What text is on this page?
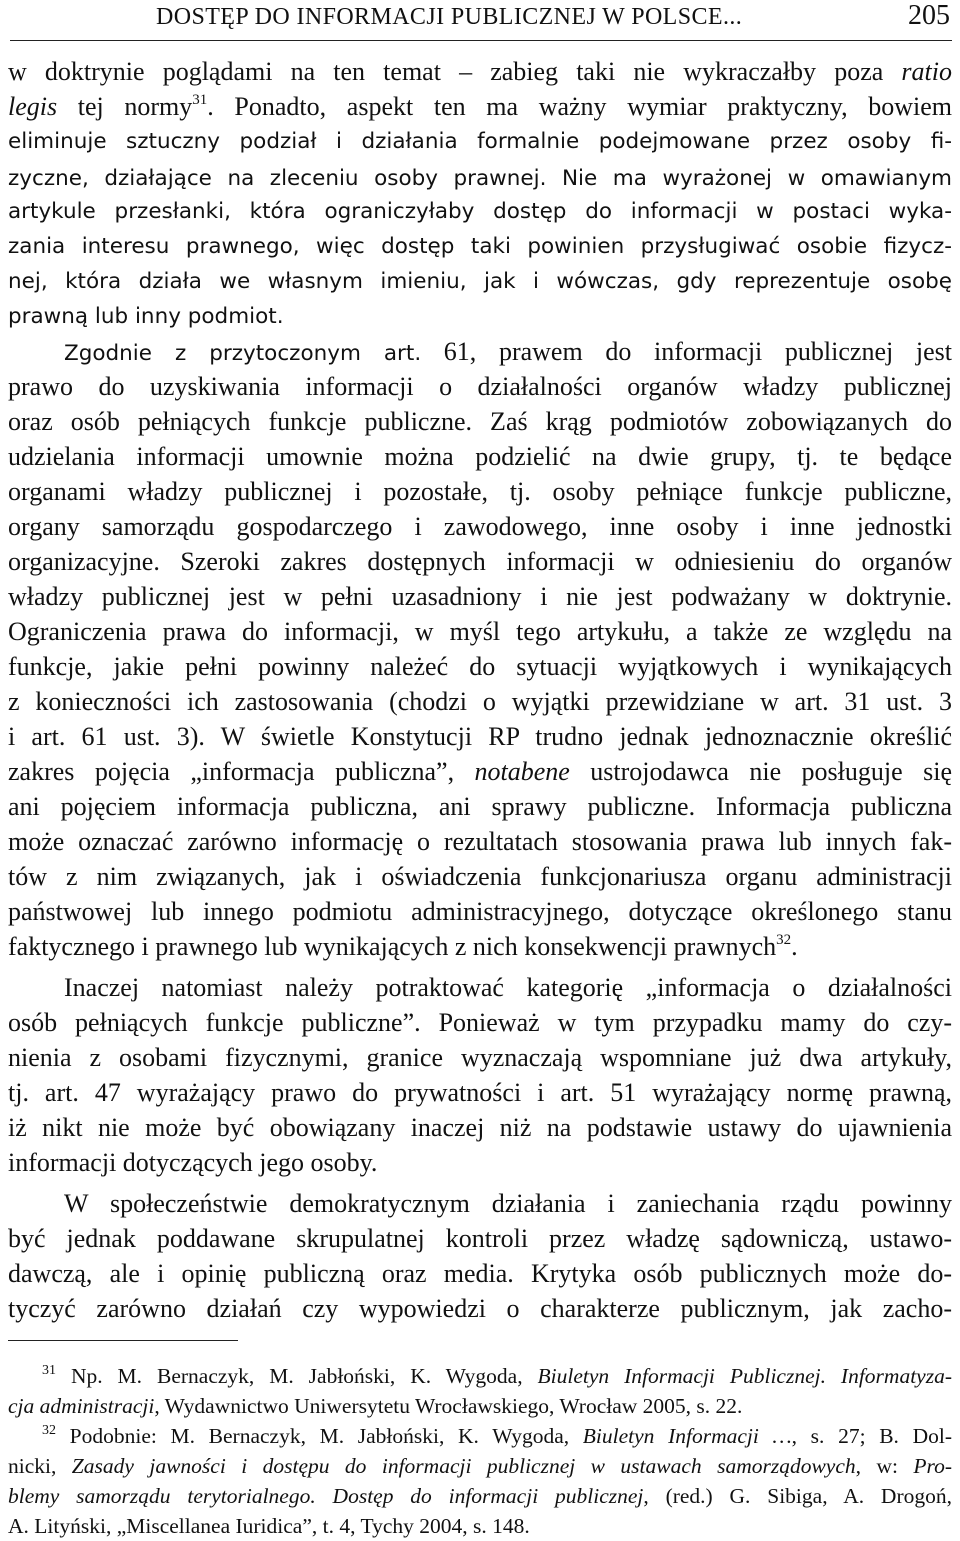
DOSTĘP DO INFORMACJI PUBLICZNEJ W POLSCE...	205
w doktrynie poglądami na ten temat – zabieg taki nie wykraczałby poza ratio
legis tej normy$^{31}$. Ponadto, aspekt ten ma ważny wymiar praktyczny, bowiem
eliminuje sztuczny podział i działania formalnie podejmowane przez osoby fi-
zyczne, działające na zleceniu osoby prawnej. Nie ma wyrażonej w omawianym
artykule przesłanki, która ograniczyłaby dostęp do informacji w postaci wyka-
zania interesu prawnego, więc dostęp taki powinien przysługiwać osobie fizycz-
nej, która działa we własnym imieniu, jak i wówczas, gdy reprezentuje osobę
prawną lub inny podmiot.
Zgodnie z przytoczonym art. 61, prawem do informacji publicznej jest
prawo do uzyskiwania informacji o działalności organów władzy publicznej
oraz osób pełniących funkcje publiczne. Zaś krąg podmiotów zobowiązanych do
udzielania informacji umownie można podzielić na dwie grupy, tj. te będące
organami władzy publicznej i pozostałe, tj. osoby pełniące funkcje publiczne,
organy samorządu gospodarczego i zawodowego, inne osoby i inne jednostki
organizacyjne. Szeroki zakres dostępnych informacji w odniesieniu do organów
władzy publicznej jest w pełni uzasadniony i nie jest podważany w doktrynie.
Ograniczenia prawa do informacji, w myśl tego artykułu, a także ze względu na
funkcje, jakie pełni powinny należeć do sytuacji wyjątkowych i wynikających
z konieczności ich zastosowania (chodzi o wyjątki przewidziane w art. 31 ust. 3
i art. 61 ust. 3). W świetle Konstytucji RP trudno jednak jednoznacznie określić
zakres pojęcia „informacja publiczna”, notabene ustrojodawca nie posługuje się
ani pojęciem informacja publiczna, ani sprawy publiczne. Informacja publiczna
może oznaczać zarówno informację o rezultatach stosowania prawa lub innych fak-
tów z nim związanych, jak i oświadczenia funkcjonariusza organu administracji
państwowej lub innego podmiotu administracyjnego, dotyczące określonego stanu
faktycznego i prawnego lub wynikających z nich konsekwencji prawnych$^{32}$.
Inaczej natomiast należy potraktować kategorię „informacja o działalności
osób pełniących funkcje publiczne”. Ponieważ w tym przypadku mamy do czy-
nienia z osobami fizycznymi, granice wyznaczają wspomniane już dwa artykuły,
tj. art. 47 wyrażający prawo do prywatności i art. 51 wyrażający normę prawną,
iż nikt nie może być obowiązany inaczej niż na podstawie ustawy do ujawnienia
informacji dotyczących jego osoby.
W społeczeństwie demokratycznym działania i zaniechania rządu powinny
być jednak poddawane skrupulatnej kontroli przez władzę sądowniczą, ustawo-
dawczą, ale i opinię publiczną oraz media. Krytyka osób publicznych może do-
tyczyć zarówno działań czy wypowiedzi o charakterze publicznym, jak zacho-
$^{31}$ Np. M. Bernaczyk, M. Jabłoński, K. Wygoda, Biuletyn Informacji Publicznej. Informatyza-
cja administracji, Wydawnictwo Uniwersytetu Wrocławskiego, Wrocław 2005, s. 22.
$^{32}$ Podobnie: M. Bernaczyk, M. Jabłoński, K. Wygoda, Biuletyn Informacji …, s. 27; B. Dol-
nicki, Zasady jawności i dostępu do informacji publicznej w ustawach samorządowych, w: Pro-
blemy samorządu terytorialnego. Dostęp do informacji publicznej, (red.) G. Sibiga, A. Drogoń,
A. Lityński, „Miscellanea Iuridica”, t. 4, Tychy 2004, s. 148.
